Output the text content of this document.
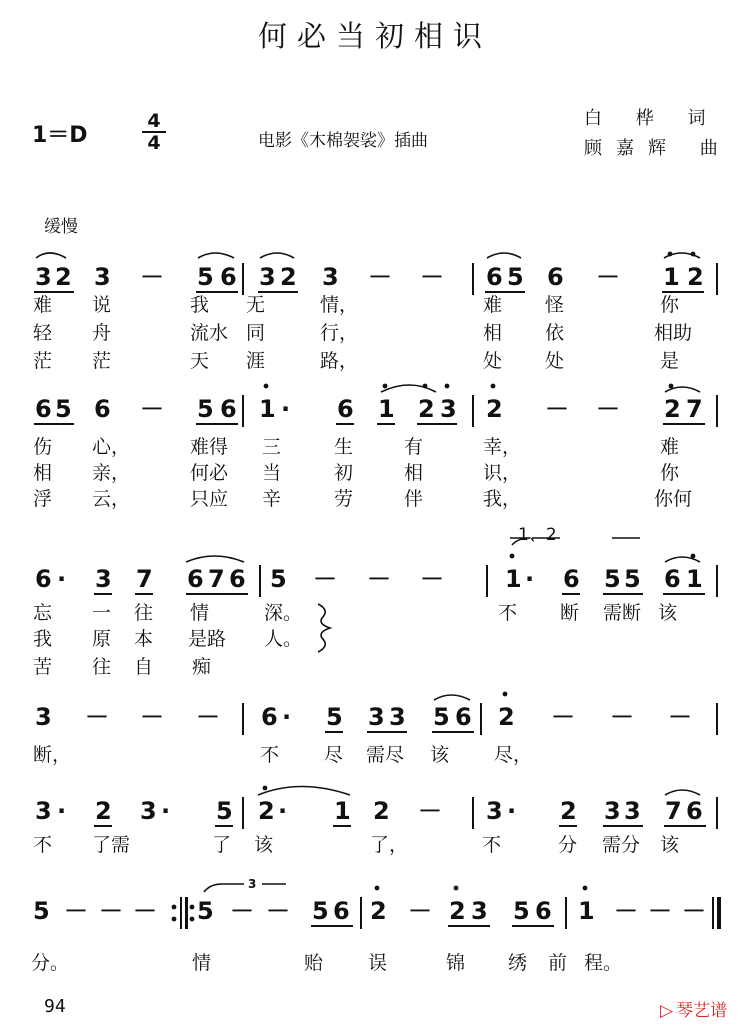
何必当初相识
1＝D
4
4	电影《木棉袈裟》插曲
白 桦 词
顾嘉辉 曲
缓慢
1、2
3
3 2 3 － 5 6 3 2 3 － － 6 5 6 － 1 2
难 说	我 无	情，	难 怪	你
轻 舟	流水 同	行，	相 依	相助
茫 茫	天 涯	路，	处 处	是
6 5 6 － 5 6 1 · 6 1 2 3 2 － － 2 7
伤 心，	难得 三	生	有	幸，	难
相 亲，	何必 当	初	相	识，	你
浮 云，	只应 辛	劳	伴	我，	你何
6 · 3 7 6 7 6 5 － － －	1 · 6 5 5 6 1
忘 一 往 情	深。	不 断 需断 该
我 原 本 是路 人。
苦 往 自 痴
3 － － － 6 · 5 3 3 5 6 2 － － －
断，	不 尽 需尽 该 尽，
3 · 2 3 · 5 2 · 1 2 － 3 · 2 3 3 7 6
不 了需	了 该	了，	不	分 需分 该
5 － － － 5 － － 5 6 2 － 2 3 5 6 1 － － －
分。	情	贻 误	锦 绣 前 程。
94	▷ 琴艺谱
